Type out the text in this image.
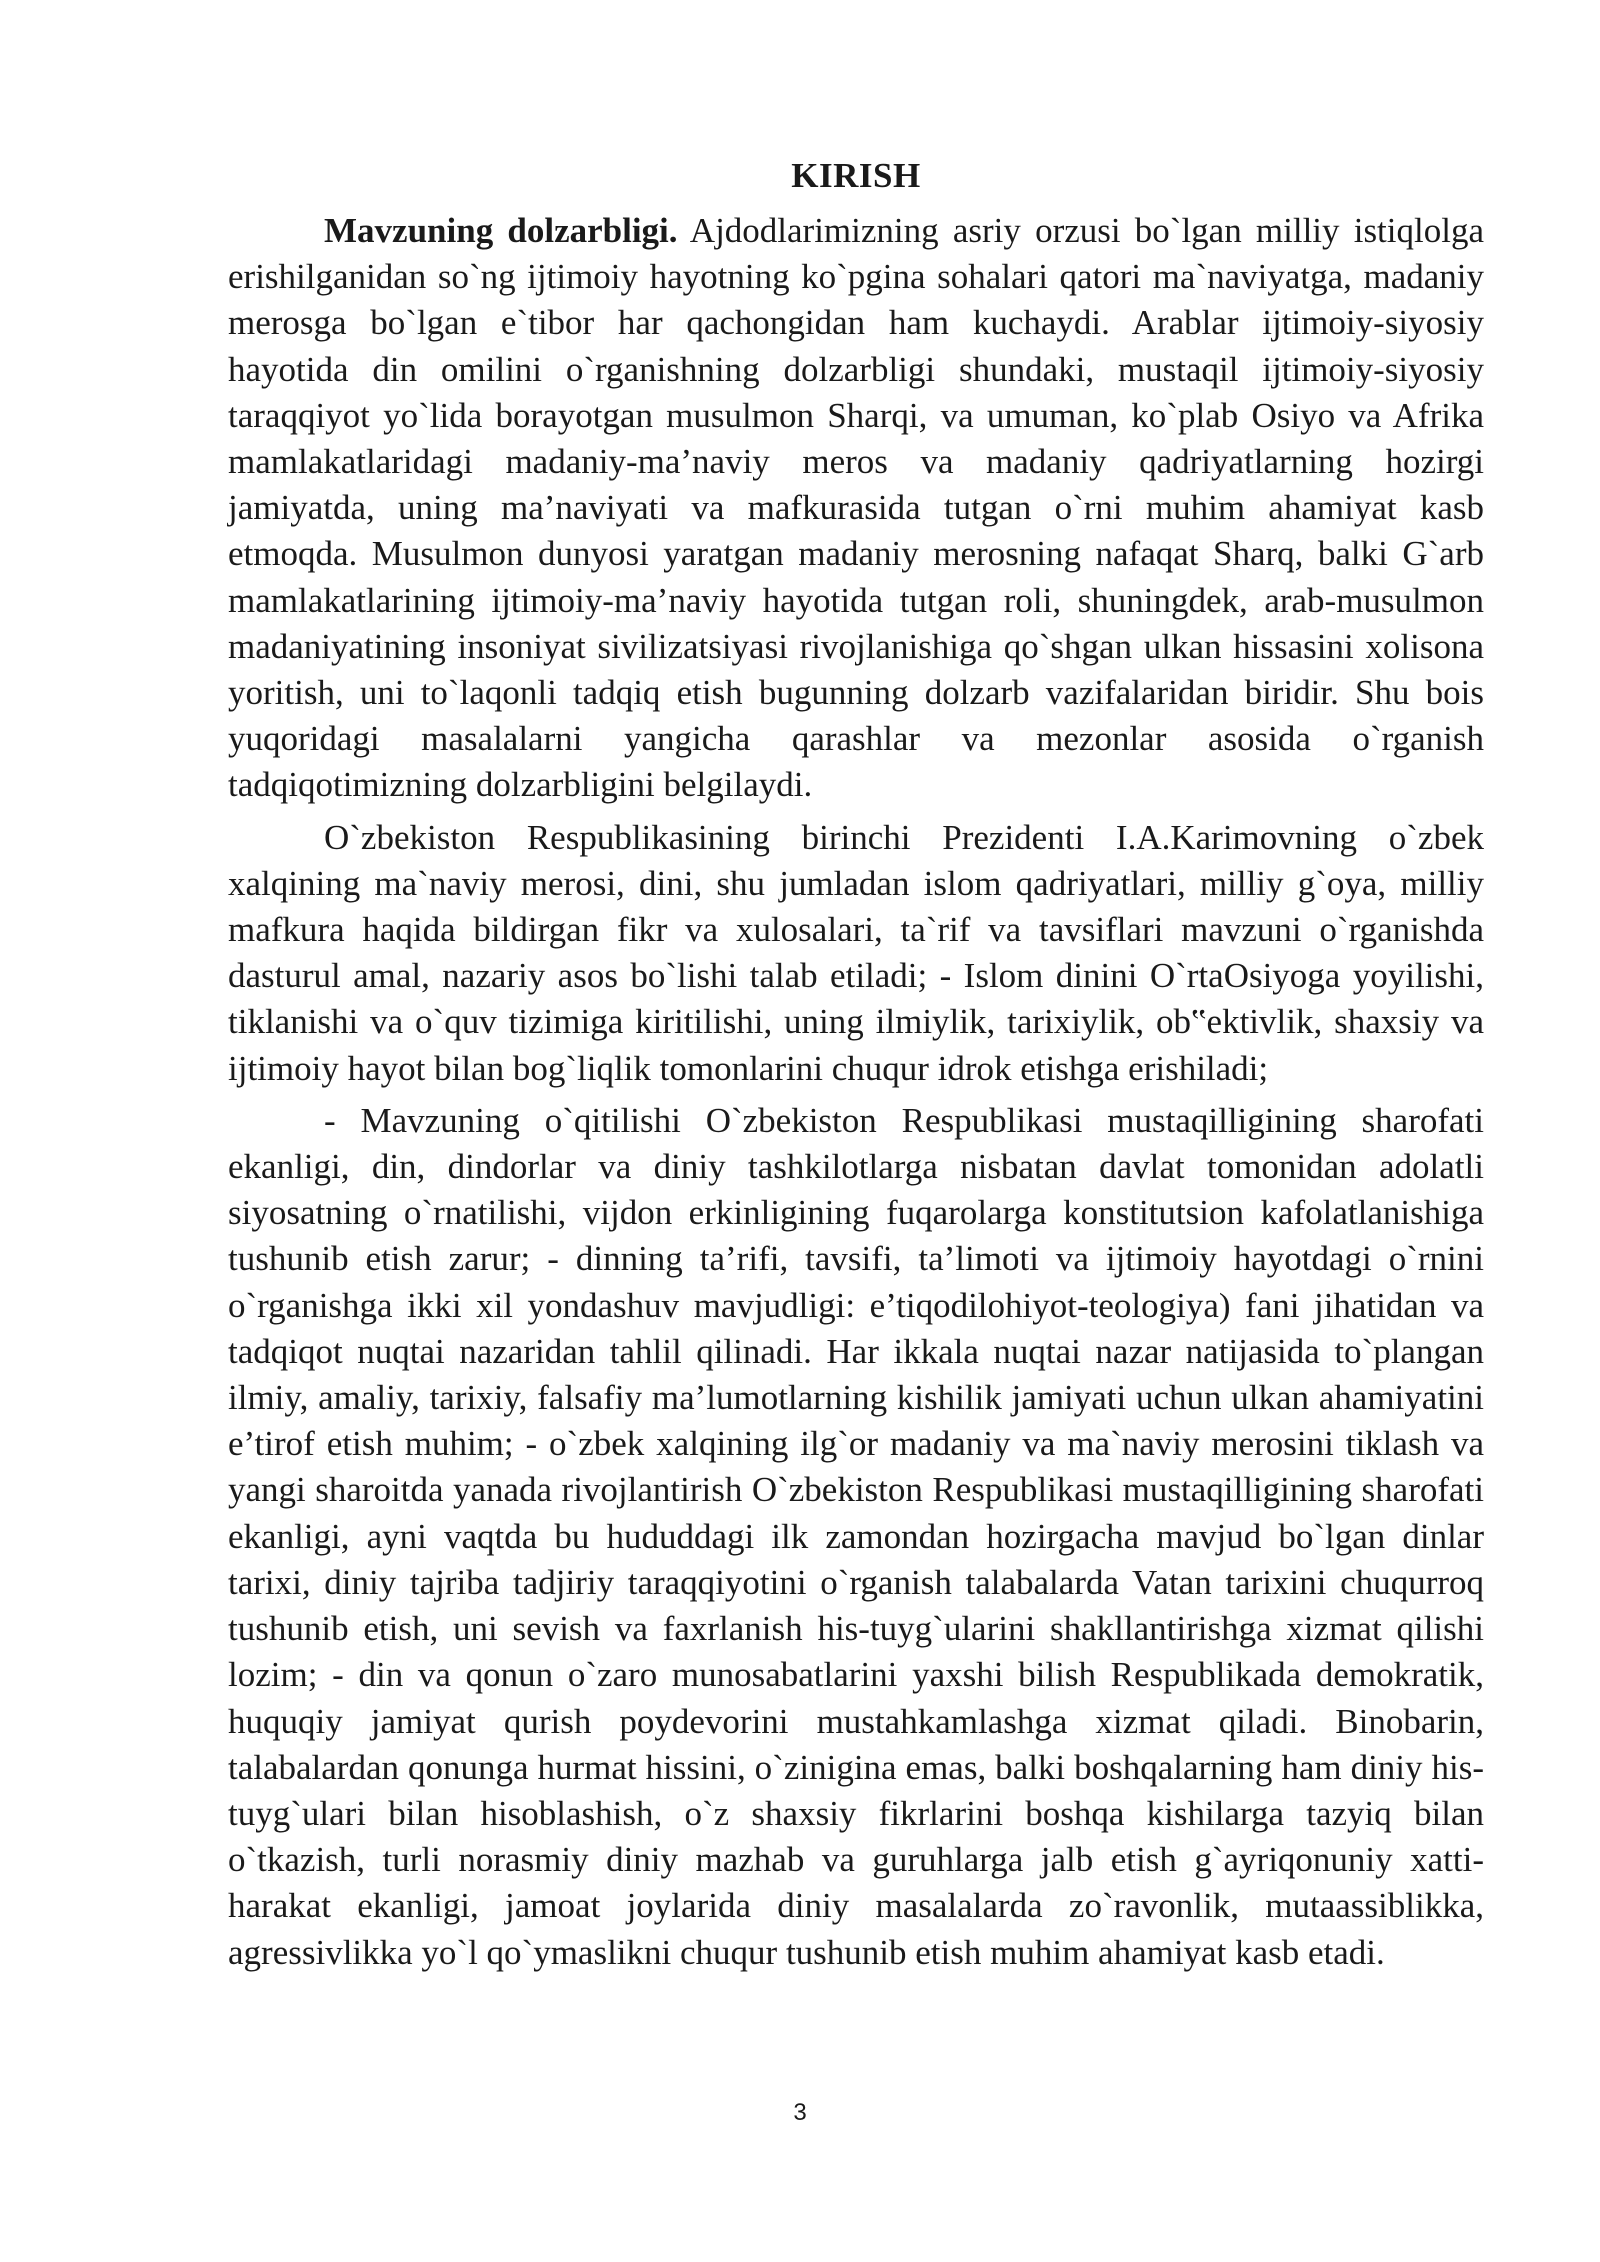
KIRISH

Mavzuning dolzarbligi. Ajdodlarimizning asriy orzusi bo`lgan milliy istiqlolga erishilganidan so`ng ijtimoiy hayotning ko`pgina sohalari qatori ma`naviyatga, madaniy merosga bo`lgan e`tibor har qachongidan ham kuchaydi. Arablar ijtimoiy-siyosiy hayotida din omilini o`rganishning dolzarbligi shundaki, mustaqil ijtimoiy-siyosiy taraqqiyot yo`lida borayotgan musulmon Sharqi, va umuman, ko`plab Osiyo va Afrika mamlakatlaridagi madaniy-ma’naviy meros va madaniy qadriyatlarning hozirgi jamiyatda, uning ma’naviyati va mafkurasida tutgan o`rni muhim ahamiyat kasb etmoqda. Musulmon dunyosi yaratgan madaniy merosning nafaqat Sharq, balki G`arb mamlakatlarining ijtimoiy-ma’naviy hayotida tutgan roli, shuningdek, arab-musulmon madaniyatining insoniyat sivilizatsiyasi rivojlanishiga qo`shgan ulkan hissasini xolisona yoritish, uni to`laqonli tadqiq etish bugunning dolzarb vazifalaridan biridir. Shu bois yuqoridagi masalalarni yangicha qarashlar va mezonlar asosida o`rganish tadqiqotimizning dolzarbligini belgilaydi.

O`zbekiston Respublikasining birinchi Prezidenti I.A.Karimovning o`zbek xalqining ma`naviy merosi, dini, shu jumladan islom qadriyatlari, milliy g`oya, milliy mafkura haqida bildirgan fikr va xulosalari, ta`rif va tavsiflari mavzuni o`rganishda dasturul amal, nazariy asos bo`lishi talab etiladi; - Islom dinini O`rtaOsiyoga yoyilishi, tiklanishi va o`quv tizimiga kiritilishi, uning ilmiylik, tarixiylik, ob‟ektivlik, shaxsiy va ijtimoiy hayot bilan bog`liqlik tomonlarini chuqur idrok etishga erishiladi;

- Mavzuning o`qitilishi O`zbekiston Respublikasi mustaqilligining sharofati ekanligi, din, dindorlar va diniy tashkilotlarga nisbatan davlat tomonidan adolatli siyosatning o`rnatilishi, vijdon erkinligining fuqarolarga konstitutsion kafolatlanishiga tushunib etish zarur; - dinning ta’rifi, tavsifi, ta’limoti va ijtimoiy hayotdagi o`rnini o`rganishga ikki xil yondashuv mavjudligi: e’tiqodilohiyot-teologiya) fani jihatidan va tadqiqot nuqtai nazaridan tahlil qilinadi. Har ikkala nuqtai nazar natijasida to`plangan ilmiy, amaliy, tarixiy, falsafiy ma’lumotlarning kishilik jamiyati uchun ulkan ahamiyatini e’tirof etish muhim; - o`zbek xalqining ilg`or madaniy va ma`naviy merosini tiklash va yangi sharoitda yanada rivojlantirish O`zbekiston Respublikasi mustaqilligining sharofati ekanligi, ayni vaqtda bu hududdagi ilk zamondan hozirgacha mavjud bo`lgan dinlar tarixi, diniy tajriba tadjiriy taraqqiyotini o`rganish talabalarda Vatan tarixini chuqurroq tushunib etish, uni sevish va faxrlanish his-tuyg`ularini shakllantirishga xizmat qilishi lozim; - din va qonun o`zaro munosabatlarini yaxshi bilish Respublikada demokratik, huquqiy jamiyat qurish poydevorini mustahkamlashga xizmat qiladi. Binobarin, talabalardan qonunga hurmat hissini, o`zinigina emas, balki boshqalarning ham diniy his-tuyg`ulari bilan hisoblashish, o`z shaxsiy fikrlarini boshqa kishilarga tazyiq bilan o`tkazish, turli norasmiy diniy mazhab va guruhlarga jalb etish g`ayriqonuniy xatti-harakat ekanligi, jamoat joylarida diniy masalalarda zo`ravonlik, mutaassiblikka, agressivlikka yo`l qo`ymaslikni chuqur tushunib etish muhim ahamiyat kasb etadi.

3
